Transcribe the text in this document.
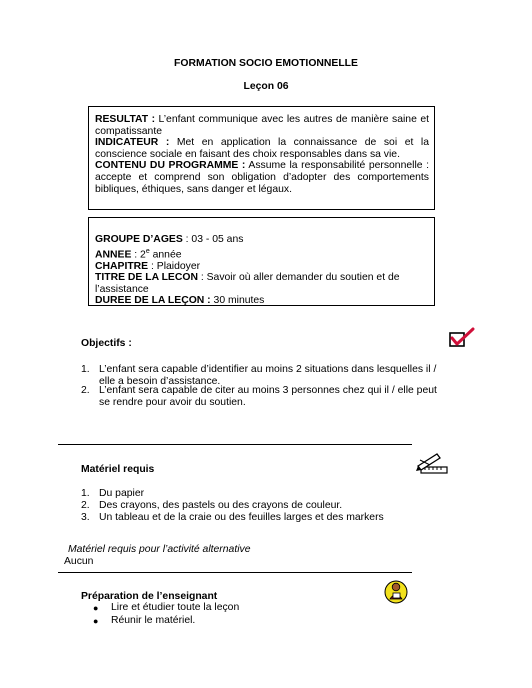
FORMATION SOCIO EMOTIONNELLE
Leçon 06

RESULTAT : L’enfant communique avec les autres de manière saine et compatissante

INDICATEUR : Met en application la connaissance de soi et la conscience sociale en faisant des choix responsables dans sa vie.

CONTENU DU PROGRAMME : Assume la responsabilité personnelle : accepte et comprend son obligation d’adopter des comportements bibliques, éthiques, sans danger et légaux.

GROUPE D’AGES : 03 - 05 ans

ANNEE : 2e année

CHAPITRE : Plaidoyer

TITRE DE LA LECON : Savoir où aller demander du soutien et de l’assistance

DUREE DE LA LEÇON : 30 minutes

Objectifs :
1. L’enfant sera capable d’identifier au moins 2 situations dans lesquelles il /
elle a besoin d’assistance.
2. L’enfant sera capable de citer au moins 3 personnes chez qui il / elle peut
se rendre pour avoir du soutien.
Matériel requis
1. Du papier
2. Des crayons, des pastels ou des crayons de couleur.
3. Un tableau et de la craie ou des feuilles larges et des markers
Matériel requis pour l’activité alternative
Aucun
Préparation de l’enseignant
● Lire et étudier toute la leçon
● Réunir le matériel.
